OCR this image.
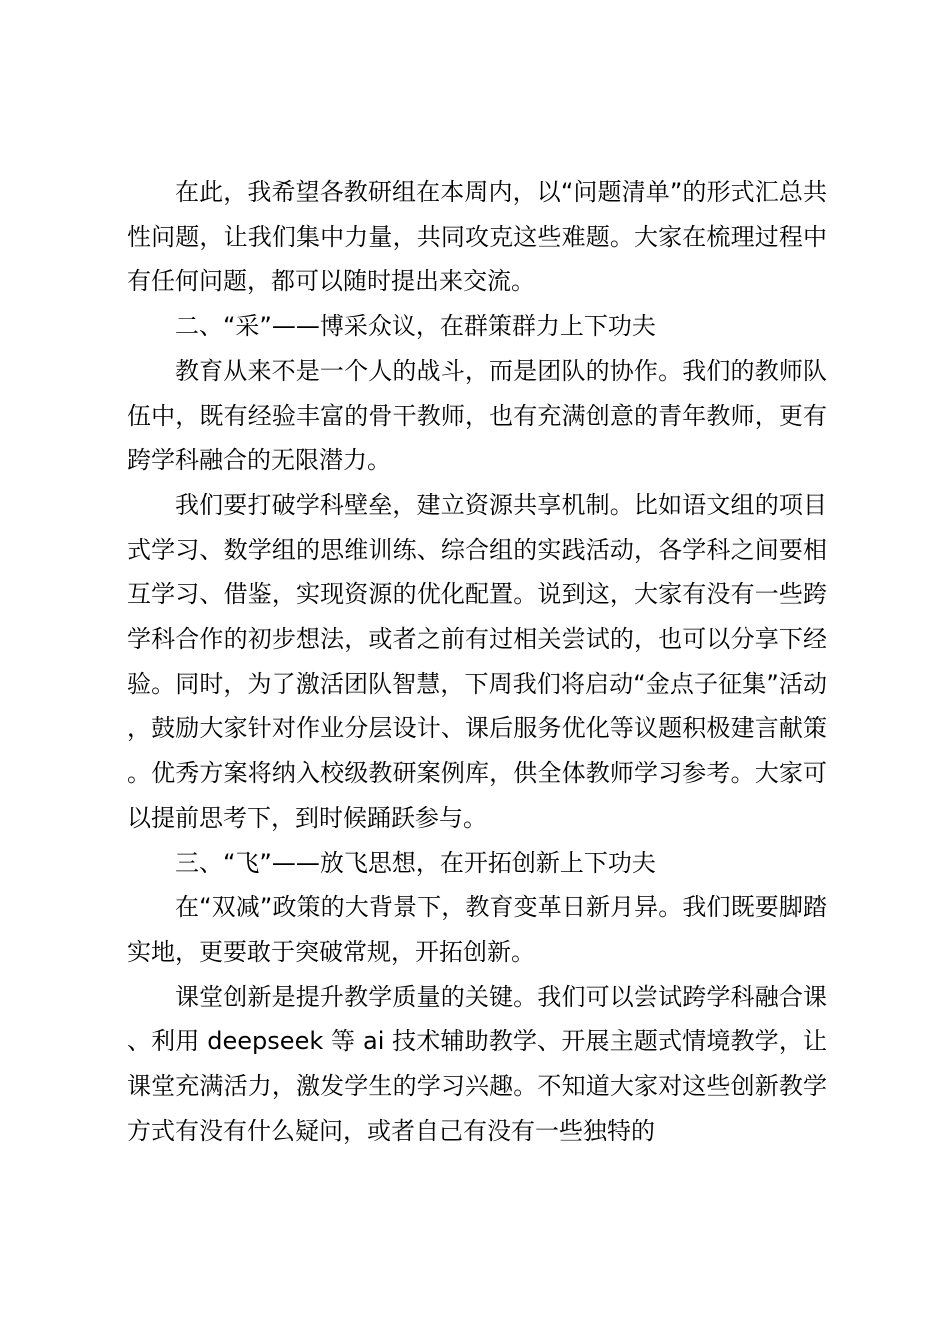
在此，我希望各教研组在本周内，以“问题清单”的形式汇总共性问题，让我们集中力量，共同攻克这些难题。大家在梳理过程中有任何问题，都可以随时提出来交流。

二、“采”——博采众议，在群策群力上下功夫

教育从来不是一个人的战斗，而是团队的协作。我们的教师队伍中，既有经验丰富的骨干教师，也有充满创意的青年教师，更有跨学科融合的无限潜力。

我们要打破学科壁垒，建立资源共享机制。比如语文组的项目式学习、数学组的思维训练、综合组的实践活动，各学科之间要相互学习、借鉴，实现资源的优化配置。说到这，大家有没有一些跨学科合作的初步想法，或者之前有过相关尝试的，也可以分享下经验。同时，为了激活团队智慧，下周我们将启动“金点子征集”活动，鼓励大家针对作业分层设计、课后服务优化等议题积极建言献策。优秀方案将纳入校级教研案例库，供全体教师学习参考。大家可以提前思考下，到时候踊跃参与。

三、“飞”——放飞思想，在开拓创新上下功夫

在“双减”政策的大背景下，教育变革日新月异。我们既要脚踏实地，更要敢于突破常规，开拓创新。

课堂创新是提升教学质量的关键。我们可以尝试跨学科融合课、利用 deepseek 等 ai 技术辅助教学、开展主题式情境教学，让课堂充满活力，激发学生的学习兴趣。不知道大家对这些创新教学方式有没有什么疑问，或者自己有没有一些独特的
